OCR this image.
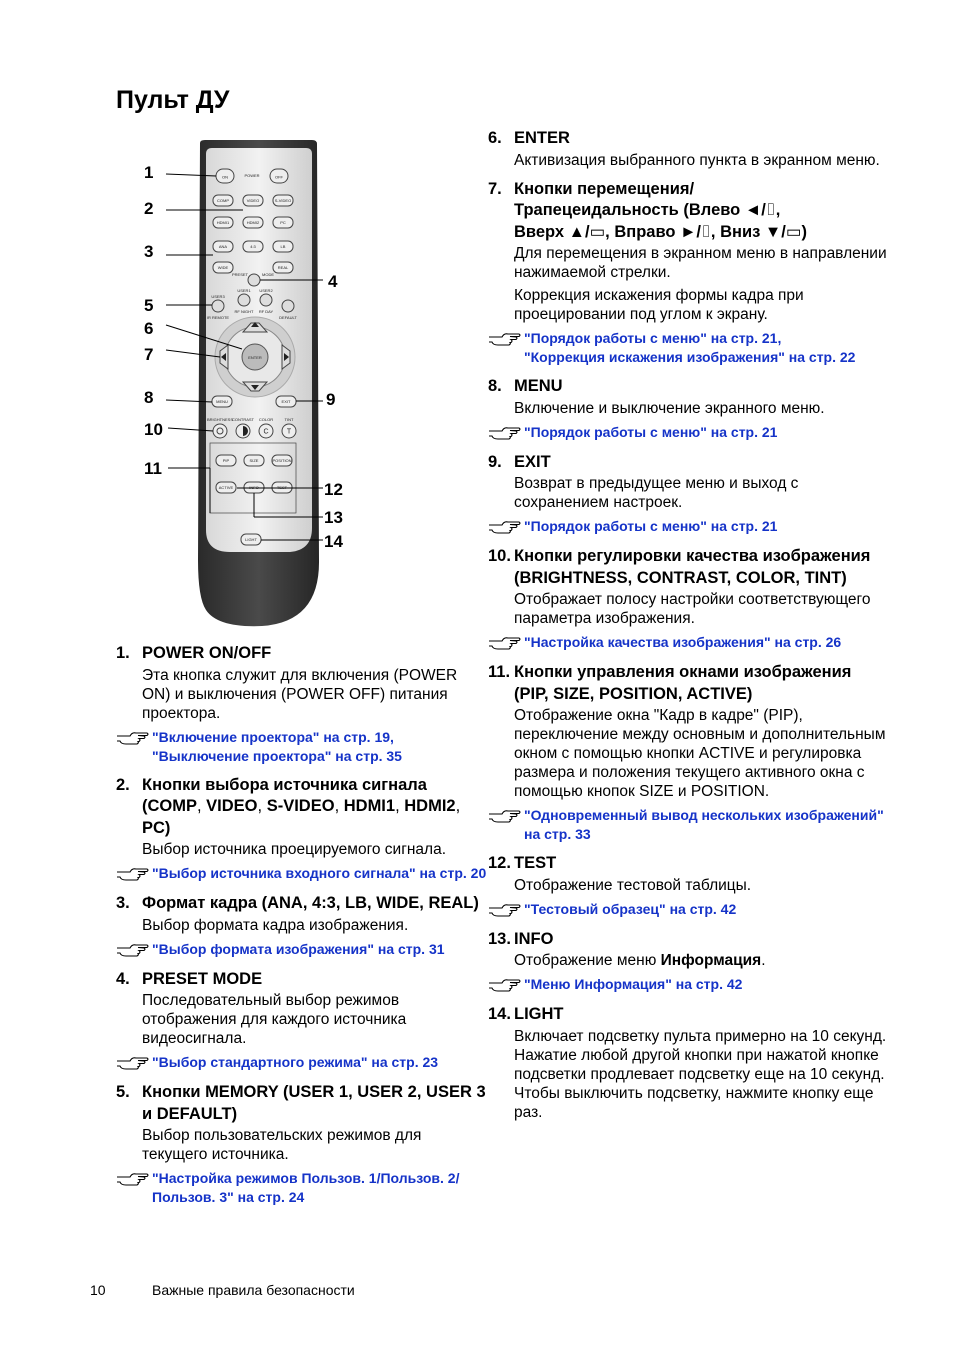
Пульт ДУ
POWER
ON	OFF
COMP	VIDEO	S-VIDEO
HDMI1	HDMI2	PC
ANA	4:3	LB
WIDE	REAL
PRESET	MODE
USER1 USER2
USER3
IR REMOTE
RF NIGHT RF DAY
DEFAULT
ENTER
MENU	EXIT
BRIGHTNESS
CONTRAST COLOR	TINT
C	T
PIP	SIZE	POSITION
ACTIVE	INFO	TEST
LIGHT
1
2
3
4
5
6
7
8	9
10
11
12
13
14
1. POWER ON/OFF

Эта кнопка служит для включения (POWER ON) и выключения (POWER OFF) питания проектора.

"Включение проектора" на стр. 19,
"Выключение проектора" на стр. 35
2. Кнопки выбора источника сигнала (COMP, VIDEO, S-VIDEO, HDMI1, HDMI2, PC)

Выбор источника проецируемого сигнала.

"Выбор источника входного сигнала" на стр. 20
3. Формат кадра (ANA, 4:3, LB, WIDE, REAL)

Выбор формата кадра изображения.

"Выбор формата изображения" на стр. 31
4. PRESET MODE

Последовательный выбор режимов отображения для каждого источника видеосигнала.

"Выбор стандартного режима" на стр. 23
5. Кнопки MEMORY (USER 1, USER 2, USER 3 и DEFAULT)

Выбор пользовательских режимов для текущего источника.

"Настройка режимов Пользов. 1/Пользов. 2/ Пользов. 3" на стр. 24
6. ENTER

Активизация выбранного пункта в экранном меню.

7. Кнопки перемещения/
Трапецеидальность (Влево ◄/⌷,
Вверх ▲/▭, Вправо ►/⌷, Вниз ▼/▭)

Для перемещения в экранном меню в направлении нажимаемой стрелки.

Коррекция искажения формы кадра при проецировании под углом к экрану.

"Порядок работы с меню" на стр. 21,
"Коррекция искажения изображения" на стр. 22
8. MENU

Включение и выключение экранного меню.

"Порядок работы с меню" на стр. 21
9. EXIT

Возврат в предыдущее меню и выход с сохранением настроек.

"Порядок работы с меню" на стр. 21
10. Кнопки регулировки качества изображения (BRIGHTNESS, CONTRAST, COLOR, TINT)

Отображает полосу настройки соответствующего параметра изображения.

"Настройка качества изображения" на стр. 26
11. Кнопки управления окнами изображения (PIP, SIZE, POSITION, ACTIVE)

Отображение окна "Кадр в кадре" (PIP), переключение между основным и дополнительным окном с помощью кнопки ACTIVE и регулировка размера и положения текущего активного окна с помощью кнопок SIZE и POSITION.

"Одновременный вывод нескольких изображений" на стр. 33
12. TEST

Отображение тестовой таблицы.

"Тестовый образец" на стр. 42
13. INFO

Отображение меню Информация.

"Меню Информация" на стр. 42
14. LIGHT

Включает подсветку пульта примерно на 10 секунд. Нажатие любой другой кнопки при нажатой кнопке подсветки продлевает подсветку еще на 10 секунд. Чтобы выключить подсветку, нажмите кнопку еще раз.

10	Важные правила безопасности
